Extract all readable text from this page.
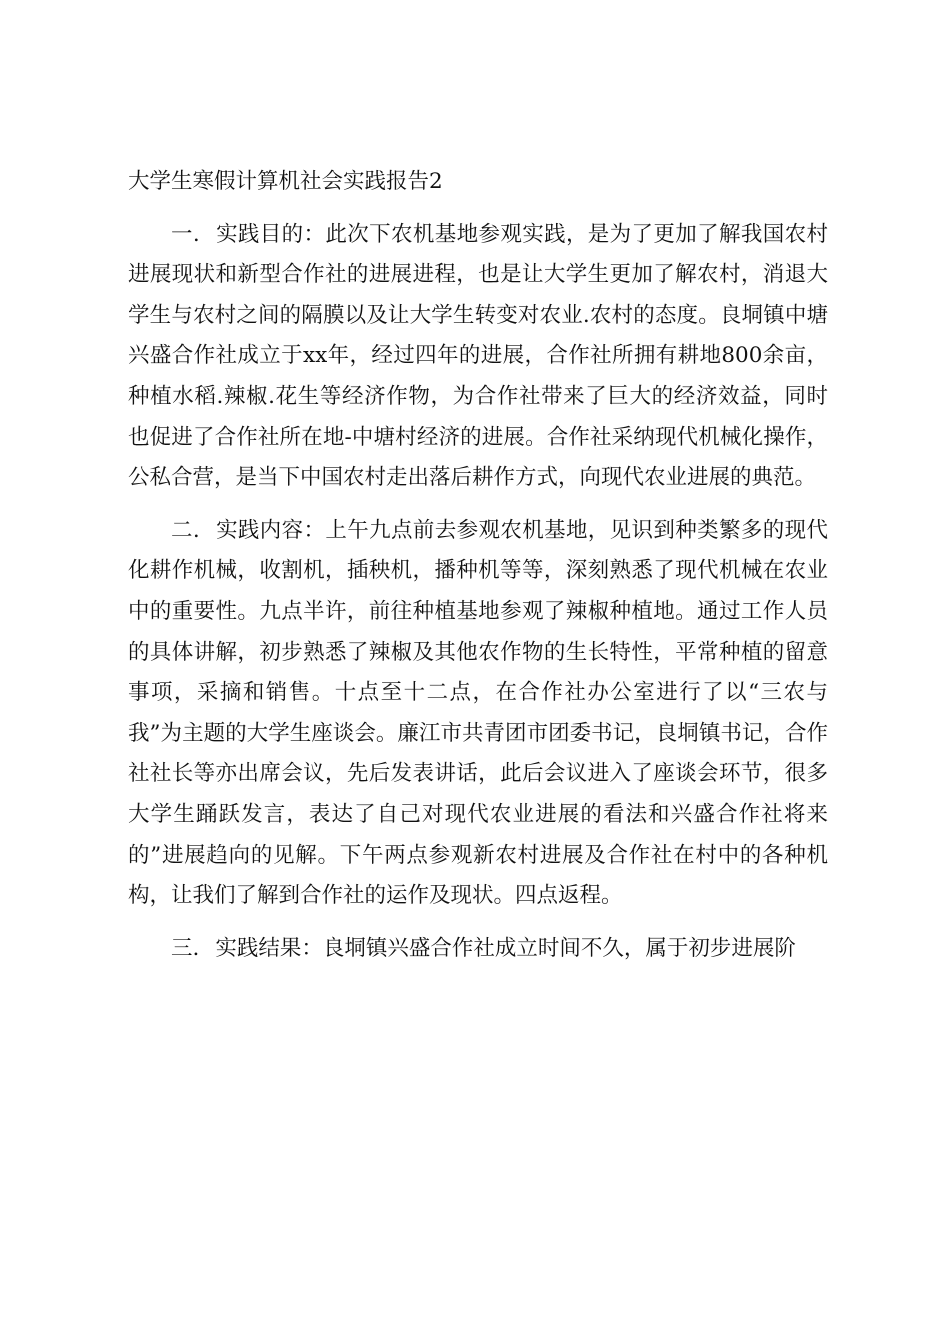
大学生寒假计算机社会实践报告2

一. 实践目的：此次下农机基地参观实践，是为了更加了解我国农村进展现状和新型合作社的进展进程，也是让大学生更加了解农村，消退大学生与农村之间的隔膜以及让大学生转变对农业.农村的态度。良垌镇中塘兴盛合作社成立于xx年，经过四年的进展，合作社所拥有耕地800余亩，种植水稻.辣椒.花生等经济作物，为合作社带来了巨大的经济效益，同时也促进了合作社所在地-中塘村经济的进展。合作社采纳现代机械化操作，公私合营，是当下中国农村走出落后耕作方式，向现代农业进展的典范。

二. 实践内容：上午九点前去参观农机基地，见识到种类繁多的现代化耕作机械，收割机，插秧机，播种机等等，深刻熟悉了现代机械在农业中的重要性。九点半许，前往种植基地参观了辣椒种植地。通过工作人员的具体讲解，初步熟悉了辣椒及其他农作物的生长特性，平常种植的留意事项，采摘和销售。十点至十二点，在合作社办公室进行了以“三农与我”为主题的大学生座谈会。廉江市共青团市团委书记，良垌镇书记，合作社社长等亦出席会议，先后发表讲话，此后会议进入了座谈会环节，很多大学生踊跃发言，表达了自己对现代农业进展的看法和兴盛合作社将来的”进展趋向的见解。下午两点参观新农村进展及合作社在村中的各种机构，让我们了解到合作社的运作及现状。四点返程。

三. 实践结果：良垌镇兴盛合作社成立时间不久，属于初步进展阶
